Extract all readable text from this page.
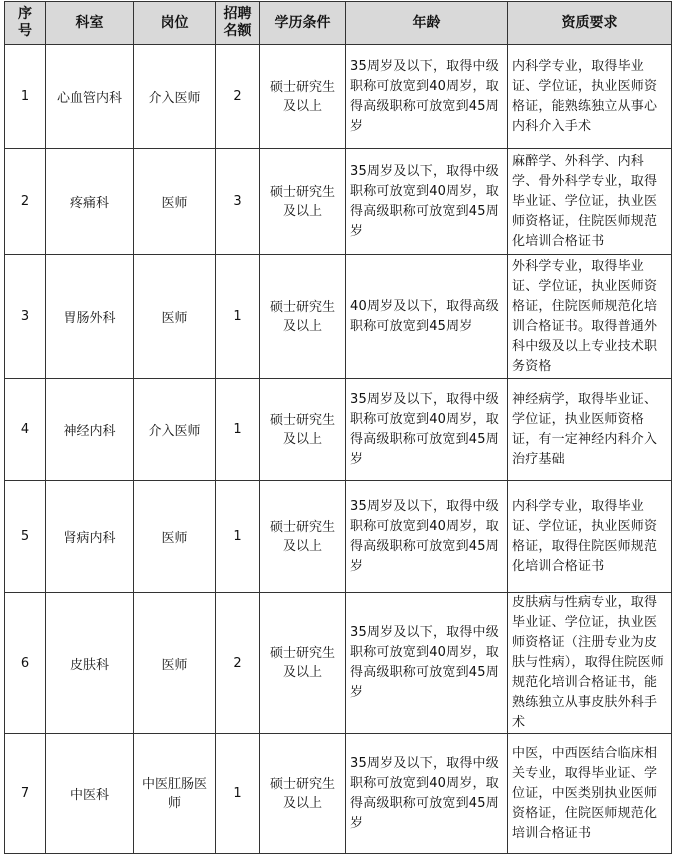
序号	科室	岗位	招聘名额	学历条件	年龄	资质要求
1	心血管内科	介入医师	2	硕士研究生及以上	35周岁及以下，取得中级职称可放宽到40周岁，取得高级职称可放宽到45周岁	内科学专业，取得毕业证、学位证，执业医师资格证，能熟练独立从事心内科介入手术
2	疼痛科	医师	3	硕士研究生及以上	35周岁及以下，取得中级职称可放宽到40周岁，取得高级职称可放宽到45周岁	麻醉学、外科学、内科学、骨外科学专业，取得毕业证、学位证，执业医师资格证，住院医师规范化培训合格证书
3	胃肠外科	医师	1	硕士研究生及以上	40周岁及以下，取得高级职称可放宽到45周岁	外科学专业，取得毕业证、学位证，执业医师资格证，住院医师规范化培训合格证书。取得普通外科中级及以上专业技术职务资格
4	神经内科	介入医师	1	硕士研究生及以上	35周岁及以下，取得中级职称可放宽到40周岁，取得高级职称可放宽到45周岁	神经病学，取得毕业证、学位证，执业医师资格证，有一定神经内科介入治疗基础
5	肾病内科	医师	1	硕士研究生及以上	35周岁及以下，取得中级职称可放宽到40周岁，取得高级职称可放宽到45周岁	内科学专业，取得毕业证、学位证，执业医师资格证，取得住院医师规范化培训合格证书
6	皮肤科	医师	2	硕士研究生及以上	35周岁及以下，取得中级职称可放宽到40周岁，取得高级职称可放宽到45周岁	皮肤病与性病专业，取得毕业证、学位证，执业医师资格证（注册专业为皮肤与性病），取得住院医师规范化培训合格证书，能熟练独立从事皮肤外科手术
7	中医科	中医肛肠医师	1	硕士研究生及以上	35周岁及以下，取得中级职称可放宽到40周岁，取得高级职称可放宽到45周岁	中医，中西医结合临床相关专业，取得毕业证、学位证，中医类别执业医师资格证，住院医师规范化培训合格证书
